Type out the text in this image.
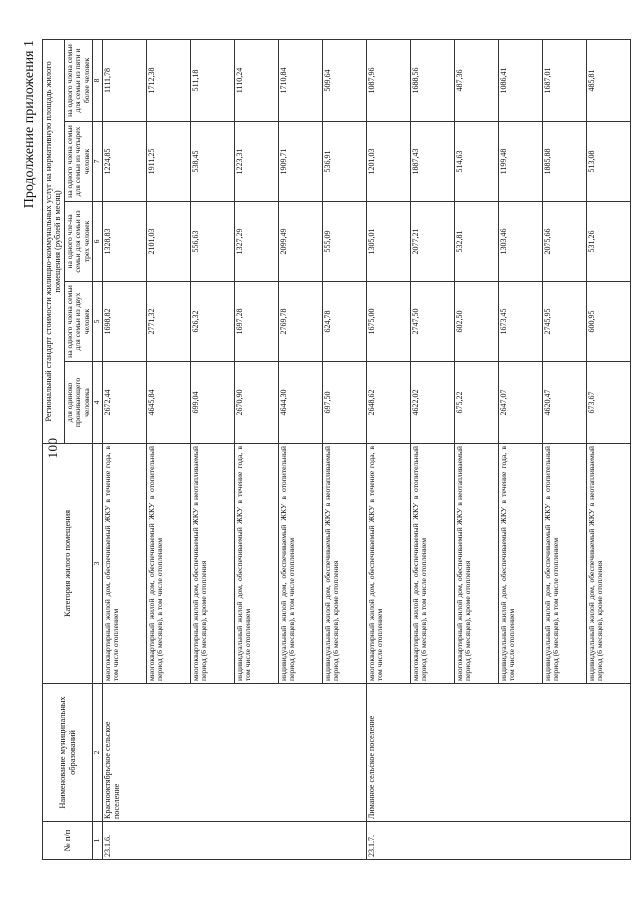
100
Продолжение приложения 1
№ п/п	Наименование муниципальных образований	Категория жилого помещения	Региональный стандарт стоимости жилищно-коммунальных услуг на нормативную площадь жилого помещения (рублей в месяц)				
			для одиноко проживающего человека	на одного члена семьи для семьи из двух человек	на одного чле-на семьи для семьи из трех человек	на одного члена семьи для семьи из четырех человек	на одного члена семьи для семьи из пяти и более человек
1	2	3	4	5	6	7	8
23.1.6.	Краснооктябрьское сельское поселение	многоквартирный жилой дом, обеспечиваемый ЖКУ в течение года, в том числе отоплением	2672,44	1698,82	1328,83	1224,85	1111,78
		многоквартирный жилой дом, обеспечиваемый ЖКУ в отопительный период (6 месяцев), в том числе отоплением	4645,84	2771,32	2101,03	1911,25	1712,38
		многоквартирный жилой дом, обеспечиваемый ЖКУ в неотапливаемый период (6 месяцев), кроме отопления	699,04	626,32	556,63	538,45	511,18
		индивидуальный жилой дом, обеспечиваемый ЖКУ в течение года, в том числе отоплением	2670,90	1697,28	1327,29	1223,31	1110,24
		индивидуальный жилой дом, обеспечиваемый ЖКУ в отопительный период (6 месяцев), в том числе отоплением	4644,30	2769,78	2099,49	1909,71	1710,84
		индивидуальный жилой дом, обеспечиваемый ЖКУ в неотапливаемый период (6 месяцев), кроме отопления	697,50	624,78	555,09	536,91	509,64
23.1.7.	Лиманное сельское поселение	многоквартирный жилой дом, обеспечиваемый ЖКУ в течение года, в том числе отоплением	2648,62	1675,00	1305,01	1201,03	1087,96
		многоквартирный жилой дом, обеспечиваемый ЖКУ в отопительный период (6 месяцев), в том числе отоплением	4622,02	2747,50	2077,21	1887,43	1688,56
		многоквартирный жилой дом, обеспечиваемый ЖКУ в неотапливаемый период (6 месяцев), кроме отопления	675,22	602,50	532,81	514,63	487,36
		индивидуальный жилой дом, обеспечиваемый ЖКУ в течение года, в том числе отоплением	2647,07	1673,45	1303,46	1199,48	1086,41
		индивидуальный жилой дом, обеспечиваемый ЖКУ в отопительный период (6 месяцев), в том числе отоплением	4620,47	2745,95	2075,66	1885,88	1687,01
		индивидуальный жилой дом, обеспечиваемый ЖКУ в неотапливаемый период (6 месяцев), кроме отопления	673,67	600,95	531,26	513,08	485,81
